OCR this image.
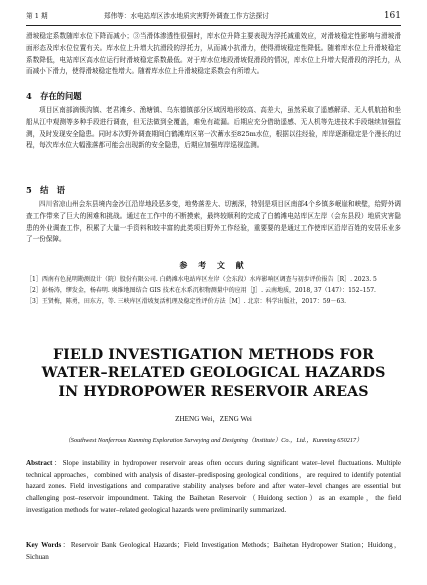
第 1 期	郑伟等：水电站库区涉水地质灾害野外调查工作方法探讨	161

滑坡稳定系数随库水位下降而减小；③当滑体渗透性很强时，库水位升降主要表现为浮托减重效应，对滑坡稳定性影响与滑坡滑面形态及库水位位置有关。库水位上升增大抗滑段的浮托力，从而减小抗滑力，使得滑坡稳定性降低。随着库水位上升滑坡稳定系数降低，电站库区高水位运行时滑坡稳定系数最低。对于库水位地段滑坡促滑段的情况，库水位上升增大促滑段的浮托力，从而减小下滑力，使得滑坡稳定性增大。随着库水位上升滑坡稳定系数会有所增大。

4　存在的问题

项目区南部滴锁沟镇、老君滩乡、渔塘镇、乌东德镇部分区域因地形较高、高差大，虽然采取了遥感解译、无人机航拍和坐船从江中观测等多种手段进行调查，但无法做到全覆盖，难免有疏漏。后期应充分借助遥感、无人机等先进技术手段继续加强监测，及时发现安全隐患。同时本次野外调查期间白鹤滩库区第一次蓄水至825m水位，根据以往经验，库岸逐渐稳定是个漫长的过程，每次库水位大幅涨落都可能会出现新的安全隐患，后期应加强库岸巡视监测。

5　结　语

四川省凉山州会东县境内金沙江沿岸地段恶多变，地势落差大、切割深，特别是项目区南部4个乡镇多岷崖和峡壁，给野外调查工作带来了巨大的困难和挑战。通过在工作中的不断摸索，最终较顺利的完成了白鹤滩电站库区左岸（会东县段）地质灾害隐患的外业调查工作，积累了大量一手资料和较丰富的此类项目野外工作经验，重要要的是通过工作使库区沿岸百姓的安居乐业多了一份保障。

参 考 文 献
［1］西南有色昆明勘测设计（院）股份有限公司. 白鹤滩水电站库区左岸（会东段）水库影响区调查与初步评价报告［R］. 2023. 5
［2］彭杨涛，缪发金，杨春明. 奥维地图结合 GIS 技术在水系沉积物测量中的应用［J］. 云南地质，2018, 37（147）：152–157.
［3］王贤梅，陈勇，田东方，等. 三峡库区滑坡复活机理及稳定性评价方法［M］. 北京：科学出版社，2017：59－63.
FIELD INVESTIGATION METHODS FOR
WATER–RELATED GEOLOGICAL HAZARDS
IN HYDROPOWER RESERVOIR AREAS
ZHENG Wei，ZENG Wei
（Southwest Nonferrous Kunming Exploration Surveying and Designing（Institute）Co.，Ltd.，Kunming 650217）

Abstract：Slope instability in hydropower reservoir areas often occurs during significant water–level fluctuations. Multiple technical approaches，combined with analysis of disaster–predisposing geological conditions，are required to identify potential hazard zones. Field investigations and comparative stability analyses before and after water–level changes are essential but challenging post–reservoir impoundment. Taking the Baihetan Reservoir（Huidong section）as an example，the field investigation methods for water–related geological hazards were preliminarily summarized.

Key Words：Reservoir Bank Geological Hazards；Field Investigation Methods；Baihetan Hydropower Station；Huidong，Sichuan
